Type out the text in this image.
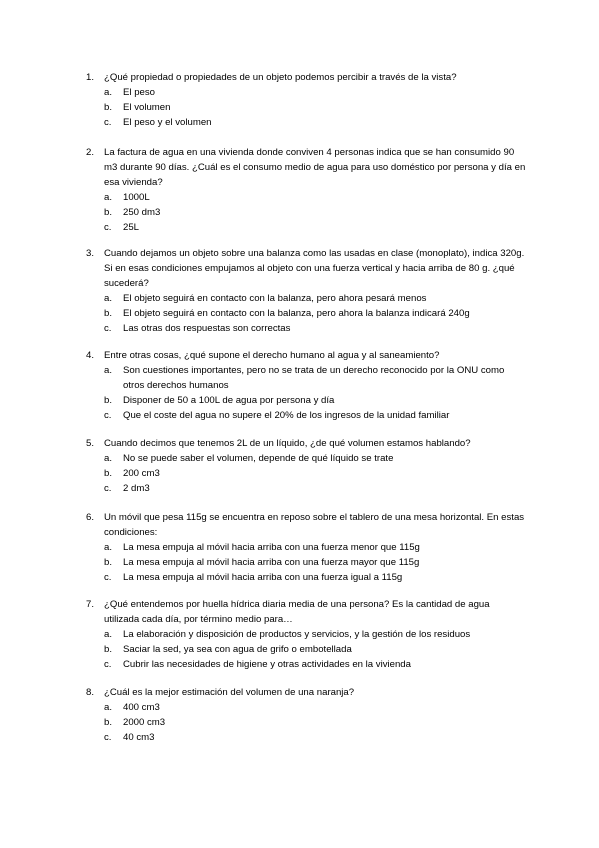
1.	¿Qué propiedad o propiedades de un objeto podemos percibir a través de la vista?
a. El peso
b. El volumen
c. El peso y el volumen
2.	La factura de agua en una vivienda donde conviven 4 personas indica que se han consumido 90 m3 durante 90 días. ¿Cuál es el consumo medio de agua para uso doméstico por persona y día en esa vivienda?
a. 1000L
b. 250 dm3
c. 25L
3.	Cuando dejamos un objeto sobre una balanza como las usadas en clase (monoplato), indica 320g. Si en esas condiciones empujamos al objeto con una fuerza vertical y hacia arriba de 80 g. ¿qué sucederá?
a. El objeto seguirá en contacto con la balanza, pero ahora pesará menos
b. El objeto seguirá en contacto con la balanza, pero ahora la balanza indicará 240g
c. Las otras dos respuestas son correctas
4.	Entre otras cosas, ¿qué supone el derecho humano al agua y al saneamiento?
a. Son cuestiones importantes, pero no se trata de un derecho reconocido por la ONU como otros derechos humanos
b. Disponer de 50 a 100L de agua por persona y día
c. Que el coste del agua no supere el 20% de los ingresos de la unidad familiar
5.	Cuando decimos que tenemos 2L de un líquido, ¿de qué volumen estamos hablando?
a. No se puede saber el volumen, depende de qué líquido se trate
b. 200 cm3
c. 2 dm3
6.	Un móvil que pesa 115g se encuentra en reposo sobre el tablero de una mesa horizontal. En estas condiciones:
a. La mesa empuja al móvil hacia arriba con una fuerza menor que 115g
b. La mesa empuja al móvil hacia arriba con una fuerza mayor que 115g
c. La mesa empuja al móvil hacia arriba con una fuerza igual a 115g
7.	¿Qué entendemos por huella hídrica diaria media de una persona? Es la cantidad de agua utilizada cada día, por término medio para…
a. La elaboración y disposición de productos y servicios, y la gestión de los residuos
b. Saciar la sed, ya sea con agua de grifo o embotellada
c. Cubrir las necesidades de higiene y otras actividades en la vivienda
8.	¿Cuál es la mejor estimación del volumen de una naranja?
a. 400 cm3
b. 2000 cm3
c. 40 cm3
